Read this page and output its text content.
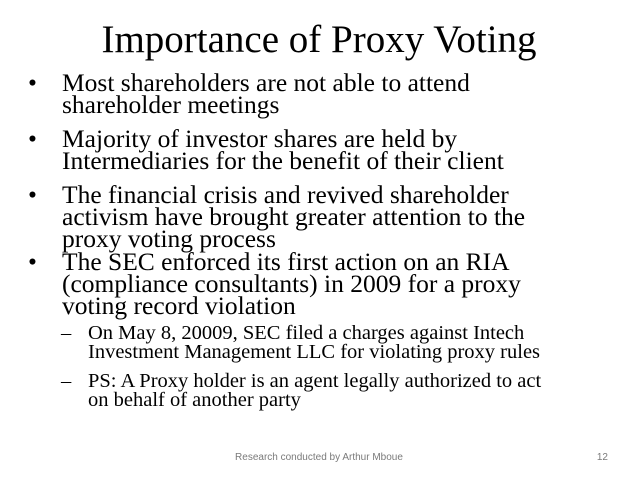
Importance of Proxy Voting
• Most shareholders are not able to attend
shareholder meetings
• Majority of investor shares are held by
Intermediaries for the benefit of their client
• The financial crisis and revived shareholder
activism have brought greater attention to the
proxy voting process
• The SEC enforced its first action on an RIA
(compliance consultants) in 2009 for a proxy
voting record violation
– On May 8, 20009, SEC filed a charges against Intech
Investment Management LLC for violating proxy rules
– PS: A Proxy holder is an agent legally authorized to act
on behalf of another party
Research conducted by Arthur Mboue	12
